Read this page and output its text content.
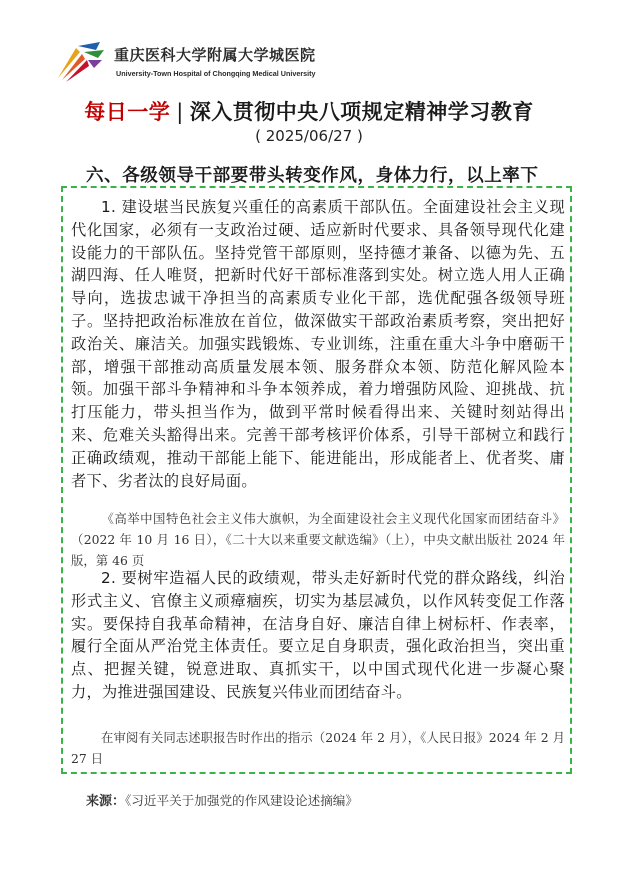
重庆医科大学附属大学城医院
University-Town Hospital of Chongqing Medical University
每日一学 | 深入贯彻中央八项规定精神学习教育
( 2025/06/27 )
六、各级领导干部要带头转变作风，身体力行，以上率下

1. 建设堪当民族复兴重任的高素质干部队伍。全面建设社会主义现代化国家，必须有一支政治过硬、适应新时代要求、具备领导现代化建设能力的干部队伍。坚持党管干部原则，坚持德才兼备、以德为先、五湖四海、任人唯贤，把新时代好干部标准落到实处。树立选人用人正确导向，选拔忠诚干净担当的高素质专业化干部，选优配强各级领导班子。坚持把政治标准放在首位，做深做实干部政治素质考察，突出把好政治关、廉洁关。加强实践锻炼、专业训练，注重在重大斗争中磨砺干部，增强干部推动高质量发展本领、服务群众本领、防范化解风险本领。加强干部斗争精神和斗争本领养成，着力增强防风险、迎挑战、抗打压能力，带头担当作为，做到平常时候看得出来、关键时刻站得出来、危难关头豁得出来。完善干部考核评价体系，引导干部树立和践行正确政绩观，推动干部能上能下、能进能出，形成能者上、优者奖、庸者下、劣者汰的良好局面。

《高举中国特色社会主义伟大旗帜，为全面建设社会主义现代化国家而团结奋斗》（2022 年 10 月 16 日），《二十大以来重要文献选编》（上），中央文献出版社 2024 年版，第 46 页

2. 要树牢造福人民的政绩观，带头走好新时代党的群众路线，纠治形式主义、官僚主义顽瘴痼疾，切实为基层减负，以作风转变促工作落实。要保持自我革命精神，在洁身自好、廉洁自律上树标杆、作表率，履行全面从严治党主体责任。要立足自身职责，强化政治担当，突出重点、把握关键，锐意进取、真抓实干，以中国式现代化进一步凝心聚力，为推进强国建设、民族复兴伟业而团结奋斗。

在审阅有关同志述职报告时作出的指示（2024 年 2 月），《人民日报》2024 年 2 月 27 日

来源：《习近平关于加强党的作风建设论述摘编》
